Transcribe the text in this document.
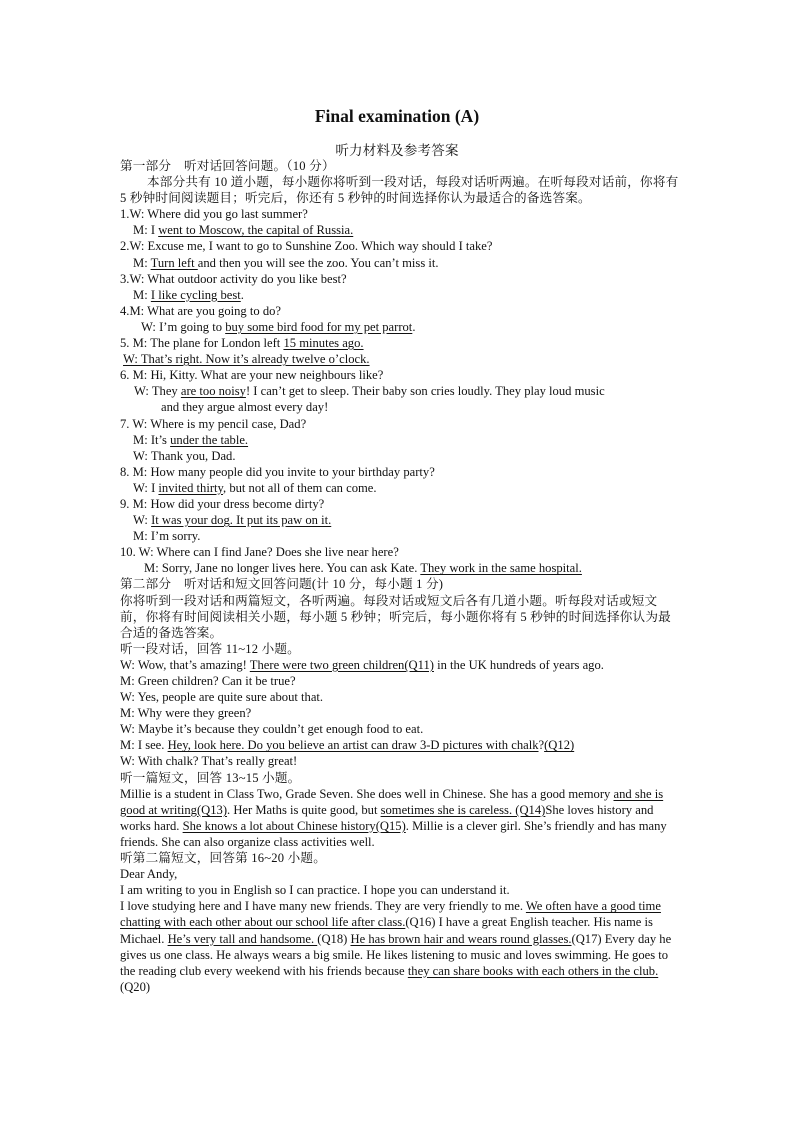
Final examination (A)
听力材料及参考答案
第一部分　听对话回答问题。（10 分）
本部分共有 10 道小题，每小题你将听到一段对话，每段对话听两遍。在听每段对话前，你将有 5 秒钟时间阅读题目；听完后，你还有 5 秒钟的时间选择你认为最适合的备选答案。
1.W: Where did you go last summer?
M: I went to Moscow, the capital of Russia.
2.W: Excuse me, I want to go to Sunshine Zoo. Which way should I take?
M: Turn left and then you will see the zoo. You can’t miss it.
3.W: What outdoor activity do you like best?
M: I like cycling best.
4.M: What are you going to do?
W: I’m going to buy some bird food for my pet parrot.
5. M: The plane for London left 15 minutes ago.
W: That’s right. Now it’s already twelve o’clock.
6. M: Hi, Kitty. What are your new neighbours like?
W: They are too noisy! I can’t get to sleep. Their baby son cries loudly. They play loud music
and they argue almost every day!
7. W: Where is my pencil case, Dad?
M: It’s under the table.
W: Thank you, Dad.
8. M: How many people did you invite to your birthday party?
W: I invited thirty, but not all of them can come.
9. M: How did your dress become dirty?
W: It was your dog. It put its paw on it.
M: I’m sorry.
10. W: Where can I find Jane? Does she live near here?
M: Sorry, Jane no longer lives here. You can ask Kate. They work in the same hospital.
第二部分　听对话和短文回答问题(计 10 分，每小题 1 分)
你将听到一段对话和两篇短文，各听两遍。每段对话或短文后各有几道小题。听每段对话或短文前，你将有时间阅读相关小题，每小题 5 秒钟；听完后，每小题你将有 5 秒钟的时间选择你认为最合适的备选答案。
听一段对话，回答 11~12 小题。
W: Wow, that’s amazing! There were two green children(Q11) in the UK hundreds of years ago.
M: Green children? Can it be true?
W: Yes, people are quite sure about that.
M: Why were they green?
W: Maybe it’s because they couldn’t get enough food to eat.
M: I see. Hey, look here. Do you believe an artist can draw 3-D pictures with chalk?(Q12)
W: With chalk? That’s really great!
听一篇短文，回答 13~15 小题。
Millie is a student in Class Two, Grade Seven. She does well in Chinese. She has a good memory and she is good at writing(Q13). Her Maths is quite good, but sometimes she is careless. (Q14)She loves history and works hard. She knows a lot about Chinese history(Q15). Millie is a clever girl. She’s friendly and has many friends. She can also organize class activities well.
听第二篇短文，回答第 16~20 小题。
Dear Andy,
I am writing to you in English so I can practice. I hope you can understand it.
I love studying here and I have many new friends. They are very friendly to me. We often have a good time chatting with each other about our school life after class.(Q16) I have a great English teacher. His name is Michael. He’s very tall and handsome. (Q18) He has brown hair and wears round glasses.(Q17) Every day he gives us one class. He always wears a big smile. He likes listening to music and loves swimming. He goes to the reading club every weekend with his friends because they can share books with each others in the club.(Q20)
